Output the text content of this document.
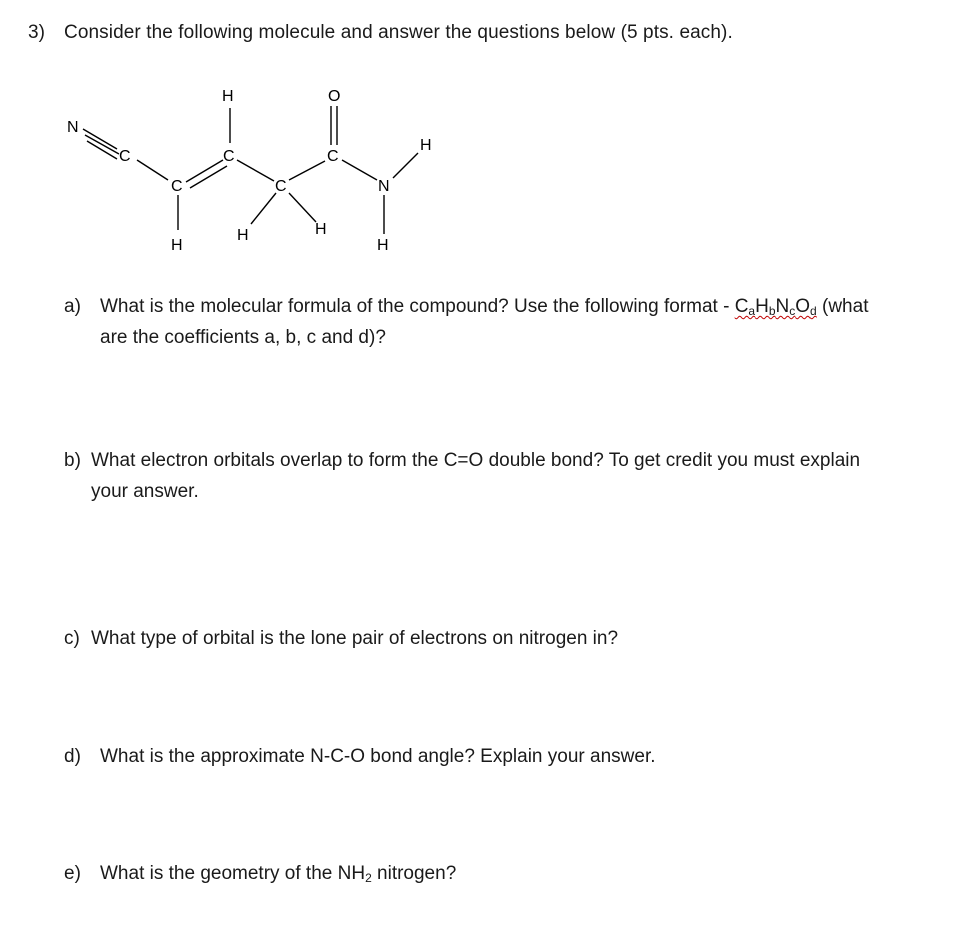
3) Consider the following molecule and answer the questions below (5 pts. each).
N
C
C
C
C
C
O
N
H
H
H	H
H
H
a)	What is the molecular formula of the compound? Use the following format - $C_aH_bN_cO_d$ (what
are the coefficients a, b, c and d)?
b) What electron orbitals overlap to form the C=O double bond? To get credit you must explain
your answer.
c) What type of orbital is the lone pair of electrons on nitrogen in?
d) What is the approximate N-C-O bond angle? Explain your answer.
e)	What is the geometry of the $NH_2$ nitrogen?
